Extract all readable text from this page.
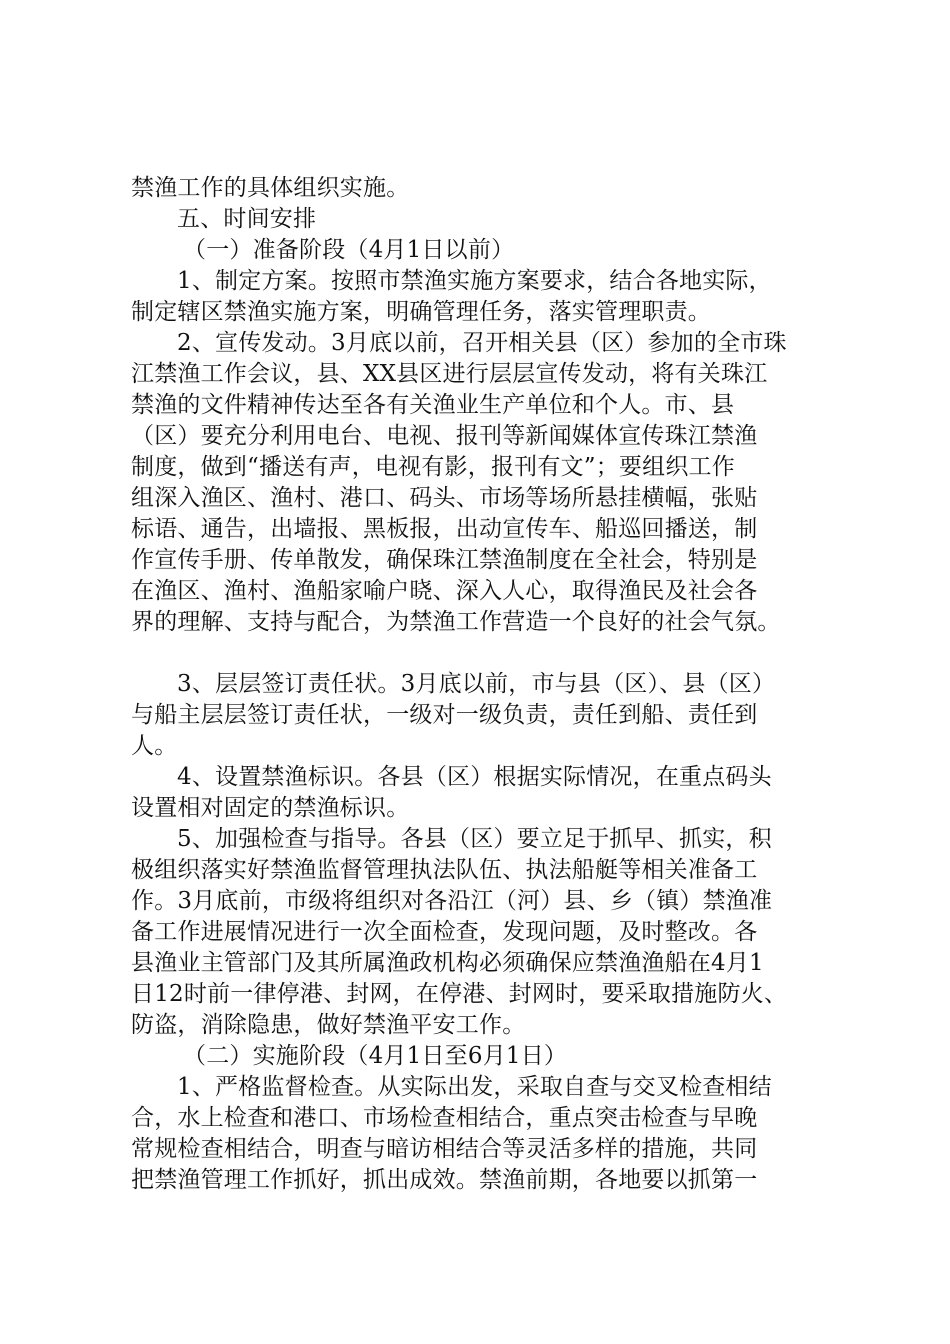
禁渔工作的具体组织实施。
五、时间安排
（一）准备阶段（4月1日以前）
1、制定方案。按照市禁渔实施方案要求，结合各地实际，
制定辖区禁渔实施方案，明确管理任务，落实管理职责。
2、宣传发动。3月底以前，召开相关县（区）参加的全市珠
江禁渔工作会议，县、XX县区进行层层宣传发动，将有关珠江
禁渔的文件精神传达至各有关渔业生产单位和个人。市、县
（区）要充分利用电台、电视、报刊等新闻媒体宣传珠江禁渔
制度，做到“播送有声，电视有影，报刊有文”；要组织工作
组深入渔区、渔村、港口、码头、市场等场所悬挂横幅，张贴
标语、通告，出墙报、黑板报，出动宣传车、船巡回播送，制
作宣传手册、传单散发，确保珠江禁渔制度在全社会，特别是
在渔区、渔村、渔船家喻户晓、深入人心，取得渔民及社会各
界的理解、支持与配合，为禁渔工作营造一个良好的社会气氛。
3、层层签订责任状。3月底以前，市与县（区）、县（区）
与船主层层签订责任状，一级对一级负责，责任到船、责任到
人。
4、设置禁渔标识。各县（区）根据实际情况，在重点码头
设置相对固定的禁渔标识。
5、加强检查与指导。各县（区）要立足于抓早、抓实，积
极组织落实好禁渔监督管理执法队伍、执法船艇等相关准备工
作。3月底前，市级将组织对各沿江（河）县、乡（镇）禁渔准
备工作进展情况进行一次全面检查，发现问题，及时整改。各
县渔业主管部门及其所属渔政机构必须确保应禁渔渔船在4月1
日12时前一律停港、封网，在停港、封网时，要采取措施防火、
防盗，消除隐患，做好禁渔平安工作。
（二）实施阶段（4月1日至6月1日）
1、严格监督检查。从实际出发，采取自查与交叉检查相结
合，水上检查和港口、市场检查相结合，重点突击检查与早晚
常规检查相结合，明查与暗访相结合等灵活多样的措施，共同
把禁渔管理工作抓好，抓出成效。禁渔前期，各地要以抓第一
